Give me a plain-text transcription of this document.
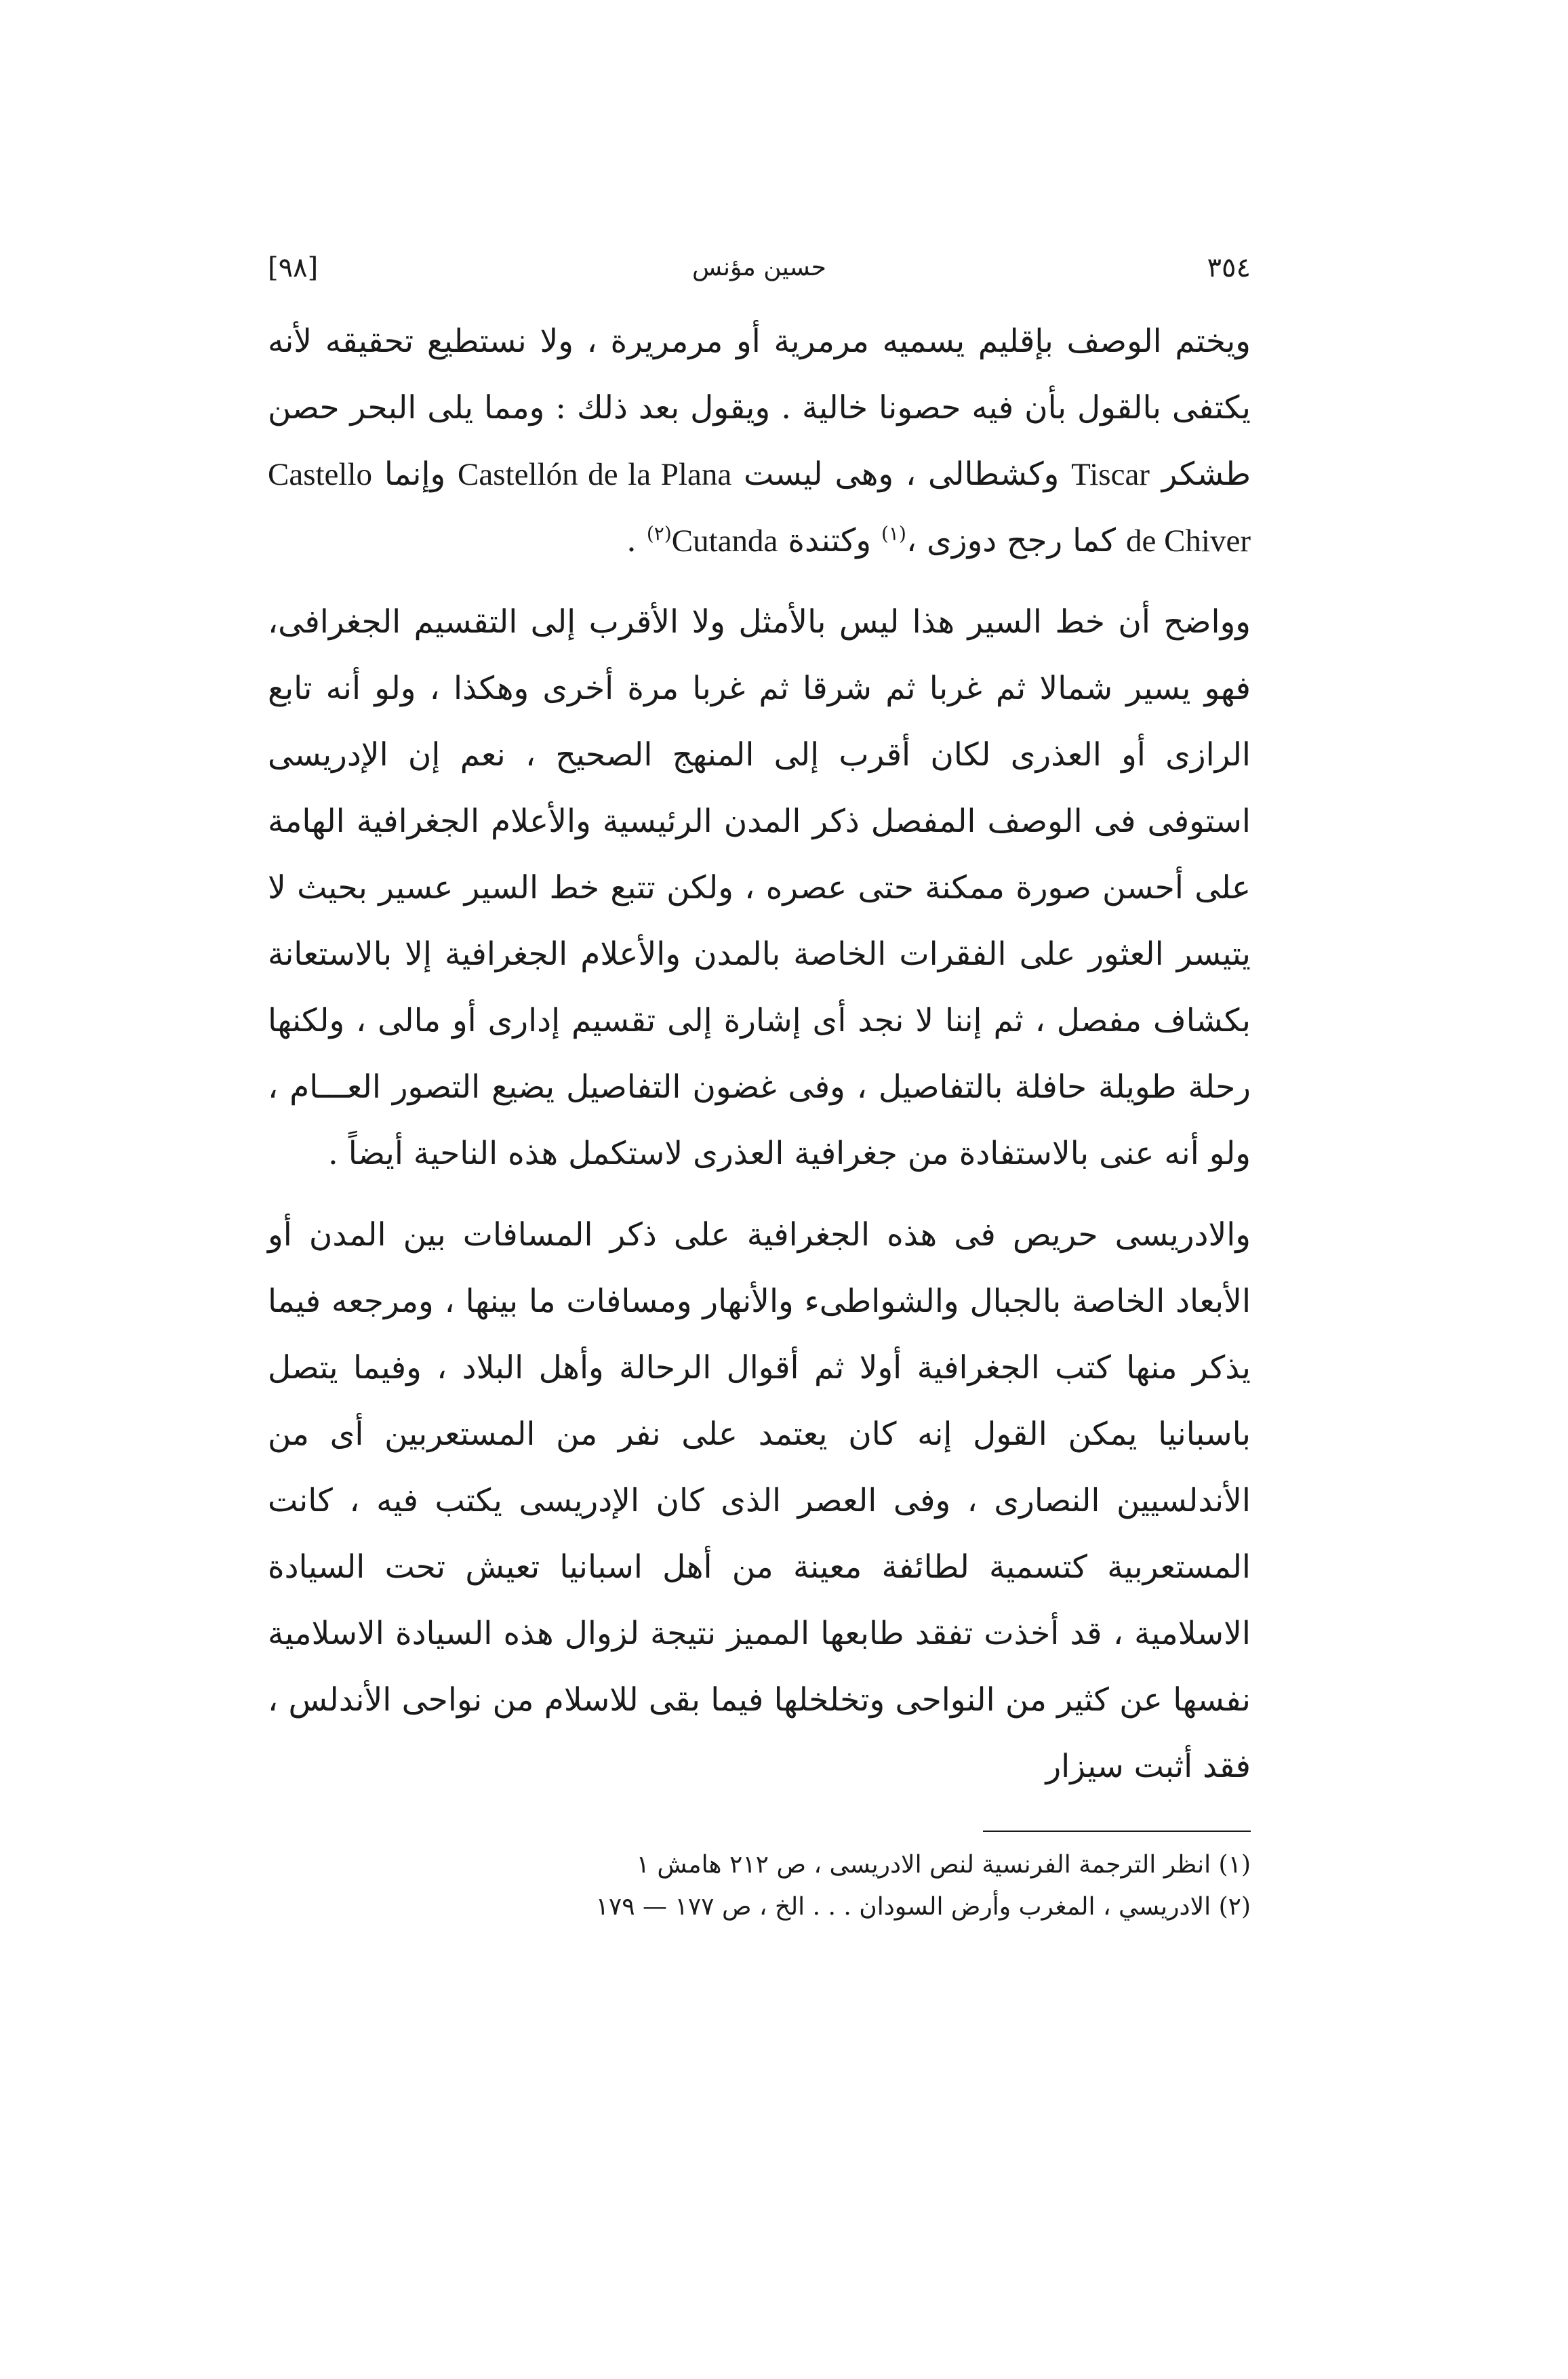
٣٥٤
حسين مؤنس
[٩٨]

ويختم الوصف بإقليم يسميه مرمرية أو مرمريرة ، ولا نستطيع تحقيقه لأنه يكتفى بالقول بأن فيه حصونا خالية . ويقول بعد ذلك : ومما يلى البحر حصن طشكر Tiscar وكشطالى ، وهى ليست Castellón de la Plana وإنما Castello de Chiver كما رجح دوزى ،$^{(١)}$ وكتندة Cutanda$^{(٢)}$ .

وواضح أن خط السير هذا ليس بالأمثل ولا الأقرب إلى التقسيم الجغرافى، فهو يسير شمالا ثم غربا ثم شرقا ثم غربا مرة أخرى وهكذا ، ولو أنه تابع الرازى أو العذرى لكان أقرب إلى المنهج الصحيح ، نعم إن الإدريسى استوفى فى الوصف المفصل ذكر المدن الرئيسية والأعلام الجغرافية الهامة على أحسن صورة ممكنة حتى عصره ، ولكن تتبع خط السير عسير بحيث لا يتيسر العثور على الفقرات الخاصة بالمدن والأعلام الجغرافية إلا بالاستعانة بكشاف مفصل ، ثم إننا لا نجد أى إشارة إلى تقسيم إدارى أو مالى ، ولكنها رحلة طويلة حافلة بالتفاصيل ، وفى غضون التفاصيل يضيع التصور العـــام ، ولو أنه عنى بالاستفادة من جغرافية العذرى لاستكمل هذه الناحية أيضاً .

والادريسى حريص فى هذه الجغرافية على ذكر المسافات بين المدن أو الأبعاد الخاصة بالجبال والشواطىء والأنهار ومسافات ما بينها ، ومرجعه فيما يذكر منها كتب الجغرافية أولا ثم أقوال الرحالة وأهل البلاد ، وفيما يتصل باسبانيا يمكن القول إنه كان يعتمد على نفر من المستعربين أى من الأندلسيين النصارى ، وفى العصر الذى كان الإدريسى يكتب فيه ، كانت المستعربية كتسمية لطائفة معينة من أهل اسبانيا تعيش تحت السيادة الاسلامية ، قد أخذت تفقد طابعها المميز نتيجة لزوال هذه السيادة الاسلامية نفسها عن كثير من النواحى وتخلخلها فيما بقى للاسلام من نواحى الأندلس ، فقد أثبت سيزار

(١) انظر الترجمة الفرنسية لنص الادريسى ، ص ٢١٢ هامش ١
(٢) الادريسي ، المغرب وأرض السودان . . . الخ ، ص ١٧٧ — ١٧٩
